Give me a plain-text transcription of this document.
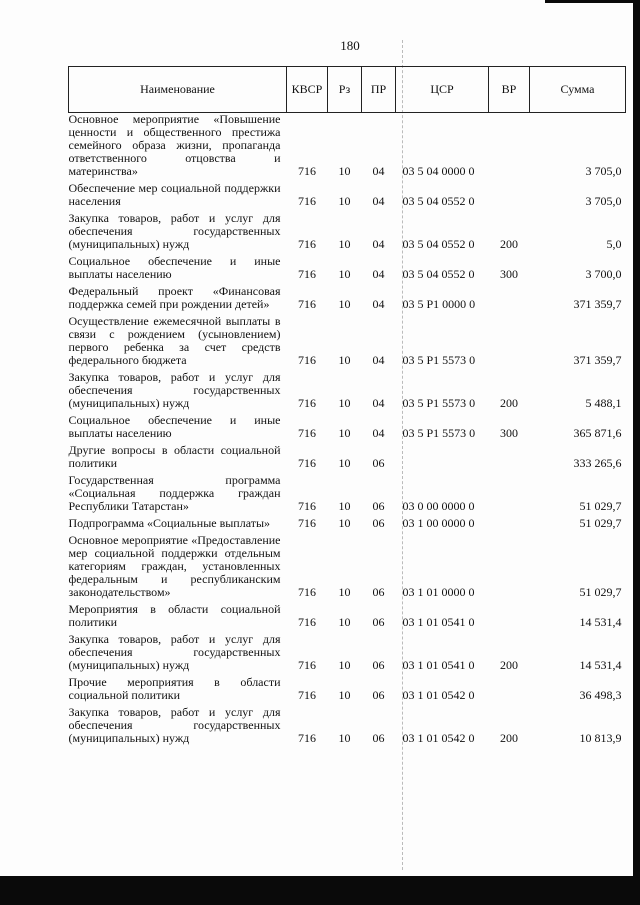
180
Наименование	КВСР	Рз	ПР	ЦСР	ВР	Сумма
Основное мероприятие «Повышение ценности и общественного престижа семейного образа жизни, пропаганда ответственного отцовства и материнства»	716	10	04	03 5 04 0000 0		3 705,0
Обеспечение мер социальной поддержки населения	716	10	04	03 5 04 0552 0		3 705,0
Закупка товаров, работ и услуг для обеспечения государственных (муниципальных) нужд	716	10	04	03 5 04 0552 0	200	5,0
Социальное обеспечение и иные выплаты населению	716	10	04	03 5 04 0552 0	300	3 700,0
Федеральный проект «Финансовая поддержка семей при рождении детей»	716	10	04	03 5 P1 0000 0		371 359,7
Осуществление ежемесячной выплаты в связи с рождением (усыновлением) первого ребенка за счет средств федерального бюджета	716	10	04	03 5 P1 5573 0		371 359,7
Закупка товаров, работ и услуг для обеспечения государственных (муниципальных) нужд	716	10	04	03 5 P1 5573 0	200	5 488,1
Социальное обеспечение и иные выплаты населению	716	10	04	03 5 P1 5573 0	300	365 871,6
Другие вопросы в области социальной политики	716	10	06			333 265,6
Государственная программа «Социальная поддержка граждан Республики Татарстан»	716	10	06	03 0 00 0000 0		51 029,7
Подпрограмма «Социальные выплаты»	716	10	06	03 1 00 0000 0		51 029,7
Основное мероприятие «Предоставление мер социальной поддержки отдельным категориям граждан, установленных федеральным и республиканским законодательством»	716	10	06	03 1 01 0000 0		51 029,7
Мероприятия в области социальной политики	716	10	06	03 1 01 0541 0		14 531,4
Закупка товаров, работ и услуг для обеспечения государственных (муниципальных) нужд	716	10	06	03 1 01 0541 0	200	14 531,4
Прочие мероприятия в области социальной политики	716	10	06	03 1 01 0542 0		36 498,3
Закупка товаров, работ и услуг для обеспечения государственных (муниципальных) нужд	716	10	06	03 1 01 0542 0	200	10 813,9
